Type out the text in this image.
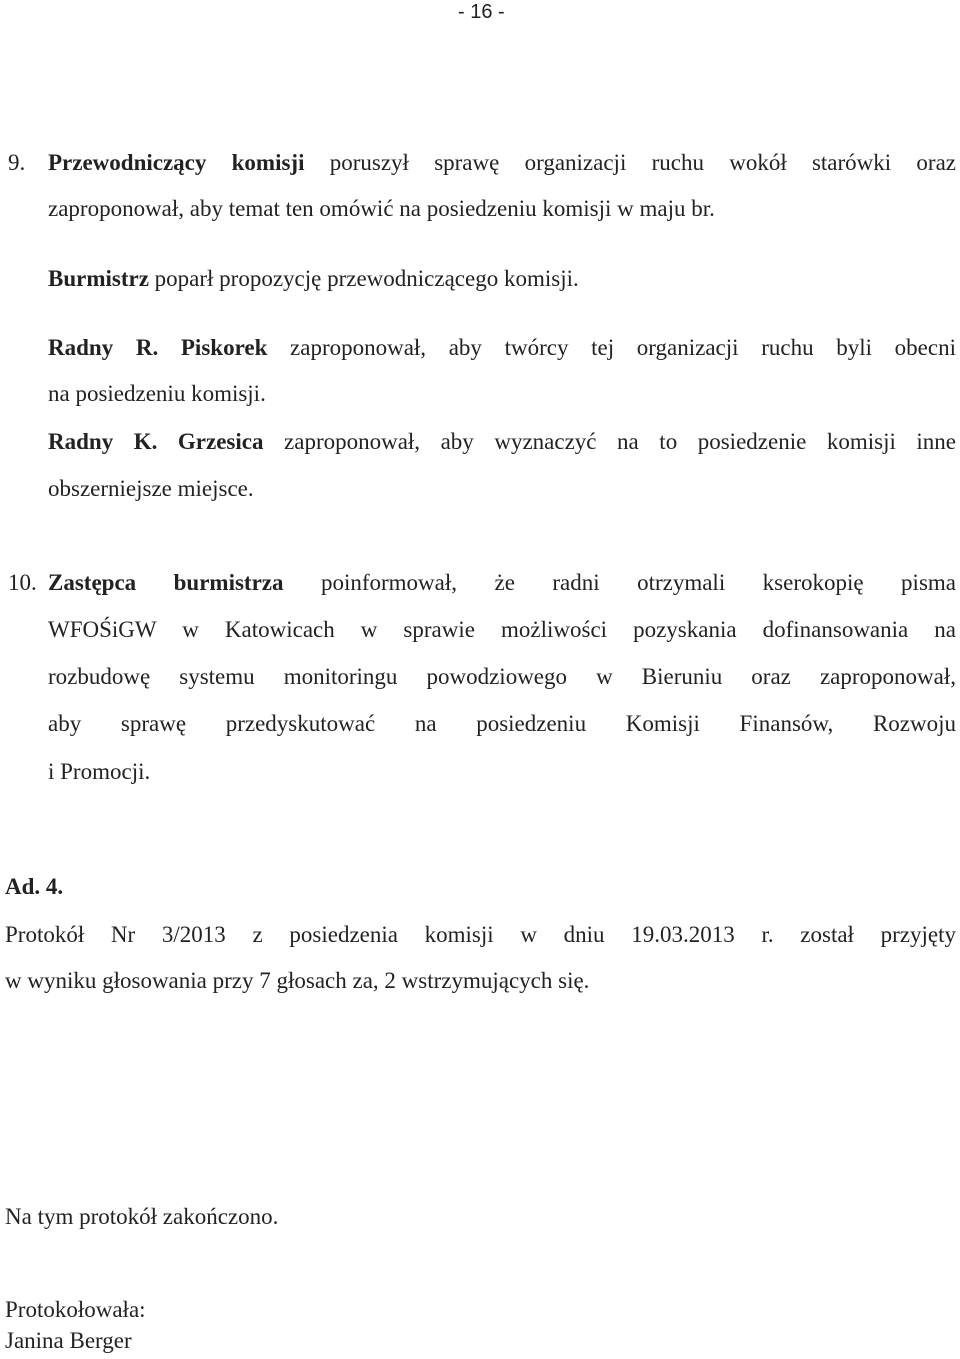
- 16 -
9. Przewodniczący komisji poruszył sprawę organizacji ruchu wokół starówki oraz
zaproponował, aby temat ten omówić na posiedzeniu komisji w maju br.
Burmistrz poparł propozycję przewodniczącego komisji.
Radny R. Piskorek zaproponował, aby twórcy tej organizacji ruchu byli obecni
na posiedzeniu komisji.
Radny K. Grzesica zaproponował, aby wyznaczyć na to posiedzenie komisji inne
obszerniejsze miejsce.
10. Zastępca burmistrza poinformował, że radni otrzymali kserokopię pisma
WFOŚiGW w Katowicach w sprawie możliwości pozyskania dofinansowania na
rozbudowę systemu monitoringu powodziowego w Bieruniu oraz zaproponował,
aby sprawę przedyskutować na posiedzeniu Komisji Finansów, Rozwoju
i Promocji.
Ad. 4.
Protokół Nr 3/2013 z posiedzenia komisji w dniu 19.03.2013 r. został przyjęty
w wyniku głosowania przy 7 głosach za, 2 wstrzymujących się.
Na tym protokół zakończono.
Protokołowała:
Janina Berger
